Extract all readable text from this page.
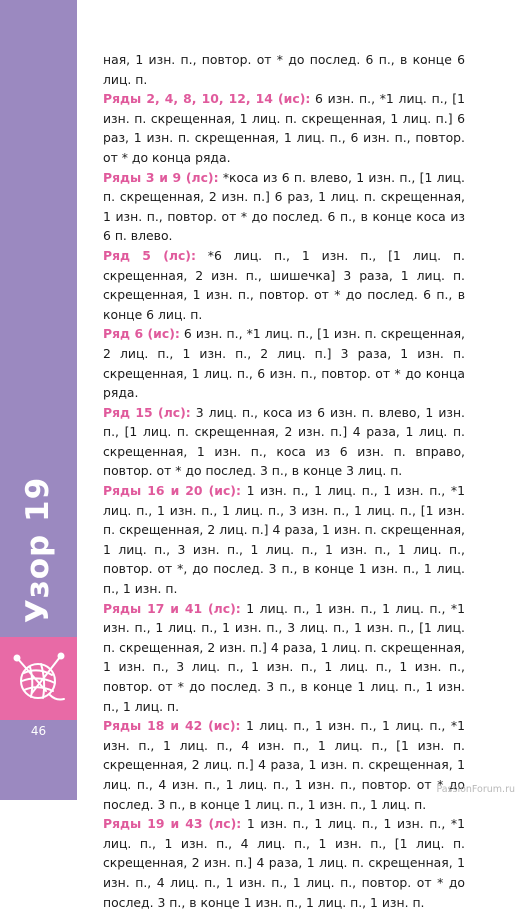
Узор 19
46

ная, 1 изн. п., повтор. от * до послед. 6 п., в конце 6 лиц. п.

Ряды 2, 4, 8, 10, 12, 14 (ис): 6 изн. п., *1 лиц. п., [1 изн. п. скрещенная, 1 лиц. п. скрещенная, 1 лиц. п.] 6 раз, 1 изн. п. скрещенная, 1 лиц. п., 6 изн. п., повтор. от * до конца ряда.

Ряды 3 и 9 (лс): *коса из 6 п. влево, 1 изн. п., [1 лиц. п. скрещенная, 2 изн. п.] 6 раз, 1 лиц. п. скрещенная, 1 изн. п., повтор. от * до послед. 6 п., в конце коса из 6 п. влево.

Ряд 5 (лс): *6 лиц. п., 1 изн. п., [1 лиц. п. скрещенная, 2 изн. п., шишечка] 3 раза, 1 лиц. п. скрещенная, 1 изн. п., повтор. от * до послед. 6 п., в конце 6 лиц. п.

Ряд 6 (ис): 6 изн. п., *1 лиц. п., [1 изн. п. скрещенная, 2 лиц. п., 1 изн. п., 2 лиц. п.] 3 раза, 1 изн. п. скрещенная, 1 лиц. п., 6 изн. п., повтор. от * до конца ряда.

Ряд 15 (лс): 3 лиц. п., коса из 6 изн. п. влево, 1 изн. п., [1 лиц. п. скрещенная, 2 изн. п.] 4 раза, 1 лиц. п. скрещенная, 1 изн. п., коса из 6 изн. п. вправо, повтор. от * до послед. 3 п., в конце 3 лиц. п.

Ряды 16 и 20 (ис): 1 изн. п., 1 лиц. п., 1 изн. п., *1 лиц. п., 1 изн. п., 1 лиц. п., 3 изн. п., 1 лиц. п., [1 изн. п. скрещенная, 2 лиц. п.] 4 раза, 1 изн. п. скрещенная, 1 лиц. п., 3 изн. п., 1 лиц. п., 1 изн. п., 1 лиц. п., повтор. от *, до послед. 3 п., в конце 1 изн. п., 1 лиц. п., 1 изн. п.

Ряды 17 и 41 (лс): 1 лиц. п., 1 изн. п., 1 лиц. п., *1 изн. п., 1 лиц. п., 1 изн. п., 3 лиц. п., 1 изн. п., [1 лиц. п. скрещенная, 2 изн. п.] 4 раза, 1 лиц. п. скрещенная, 1 изн. п., 3 лиц. п., 1 изн. п., 1 лиц. п., 1 изн. п., повтор. от * до послед. 3 п., в конце 1 лиц. п., 1 изн. п., 1 лиц. п.

Ряды 18 и 42 (ис): 1 лиц. п., 1 изн. п., 1 лиц. п., *1 изн. п., 1 лиц. п., 4 изн. п., 1 лиц. п., [1 изн. п. скрещенная, 2 лиц. п.] 4 раза, 1 изн. п. скрещенная, 1 лиц. п., 4 изн. п., 1 лиц. п., 1 изн. п., повтор. от * до послед. 3 п., в конце 1 лиц. п., 1 изн. п., 1 лиц. п.

Ряды 19 и 43 (лс): 1 изн. п., 1 лиц. п., 1 изн. п., *1 лиц. п., 1 изн. п., 4 лиц. п., 1 изн. п., [1 лиц. п. скрещенная, 2 изн. п.] 4 раза, 1 лиц. п. скрещенная, 1 изн. п., 4 лиц. п., 1 изн. п., 1 лиц. п., повтор. от * до послед. 3 п., в конце 1 изн. п., 1 лиц. п., 1 изн. п.

PassionForum.ru
